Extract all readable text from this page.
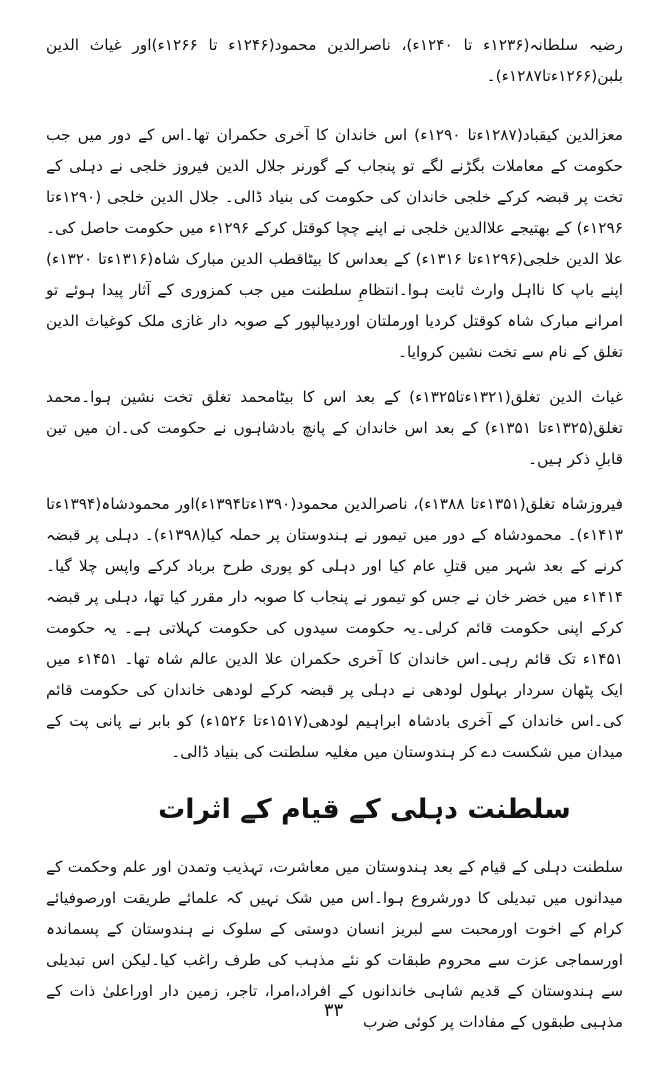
رضیہ سلطانہ(۱۲۳۶ء تا ۱۲۴۰ء)، ناصرالدین محمود(۱۲۴۶ء تا ۱۲۶۶ء)اور غیاث الدین بلبن(۱۲۶۶ءتا۱۲۸۷ء)۔

معزالدین کیقباد(۱۲۸۷ءتا ۱۲۹۰ء) اس خاندان کا آخری حکمران تھا۔اس کے دور میں جب حکومت کے معاملات بگڑنے لگے تو پنجاب کے گورنر جلال الدین فیروز خلجی نے دہلی کے تخت پر قبضہ کرکے خلجی خاندان کی حکومت کی بنیاد ڈالی۔ جلال الدین خلجی (۱۲۹۰ءتا ۱۲۹۶ء) کے بھتیجے علاالدین خلجی نے اپنے چچا کوقتل کرکے ۱۲۹۶ء میں حکومت حاصل کی۔علا الدین خلجی(۱۲۹۶ءتا ۱۳۱۶ء) کے بعداس کا بیٹاقطب الدین مبارک شاہ(۱۳۱۶ءتا ۱۳۲۰ء) اپنے باپ کا نااہل وارث ثابت ہوا۔انتظامِ سلطنت میں جب کمزوری کے آثار پیدا ہوئے تو امرانے مبارک شاہ کوقتل کردیا اورملتان اوردیپالپور کے صوبہ دار غازی ملک کوغیاث الدین تغلق کے نام سے تخت نشین کروایا۔

غیاث الدین تغلق(۱۳۲۱ءتا۱۳۲۵ء) کے بعد اس کا بیٹامحمد تغلق تخت نشین ہوا۔محمد تغلق(۱۳۲۵ءتا ۱۳۵۱ء) کے بعد اس خاندان کے پانچ بادشاہوں نے حکومت کی۔ان میں تین قابلِ ذکر ہیں۔

فیروزشاہ تغلق(۱۳۵۱ءتا ۱۳۸۸ء)، ناصرالدین محمود(۱۳۹۰ءتا۱۳۹۴ء)اور محمودشاہ(۱۳۹۴ءتا ۱۴۱۳ء)۔ محمودشاہ کے دور میں تیمور نے ہندوستان پر حملہ کیا(۱۳۹۸ء)۔ دہلی پر قبضہ کرنے کے بعد شہر میں قتلِ عام کیا اور دہلی کو پوری طرح برباد کرکے واپس چلا گیا۔۱۴۱۴ء میں خضر خان نے جس کو تیمور نے پنجاب کا صوبہ دار مقرر کیا تھا، دہلی پر قبضہ کرکے اپنی حکومت قائم کرلی۔یہ حکومت سیدوں کی حکومت کہلاتی ہے۔ یہ حکومت ۱۴۵۱ء تک قائم رہی۔اس خاندان کا آخری حکمران علا الدین عالم شاہ تھا۔ ۱۴۵۱ء میں ایک پٹھان سردار بہلول لودھی نے دہلی پر قبضہ کرکے لودھی خاندان کی حکومت قائم کی۔اس خاندان کے آخری بادشاہ ابراہیم لودھی(۱۵۱۷ءتا ۱۵۲۶ء) کو بابر نے پانی پت کے میدان میں شکست دے کر ہندوستان میں مغلیہ سلطنت کی بنیاد ڈالی۔

سلطنت دہلی کے قیام کے اثرات

سلطنت دہلی کے قیام کے بعد ہندوستان میں معاشرت، تہذیب وتمدن اور علم وحکمت کے میدانوں میں تبدیلی کا دورشروع ہوا۔اس میں شک نہیں کہ علمائے طریقت اورصوفیائے کرام کے اخوت اورمحبت سے لبریز انسان دوستی کے سلوک نے ہندوستان کے پسماندہ اورسماجی عزت سے محروم طبقات کو نئے مذہب کی طرف راغب کیا۔لیکن اس تبدیلی سے ہندوستان کے قدیم شاہی خاندانوں کے افراد،امرا، تاجر، زمین دار اوراعلیٰ ذات کے مذہبی طبقوں کے مفادات پر کوئی ضرب

۳۳
